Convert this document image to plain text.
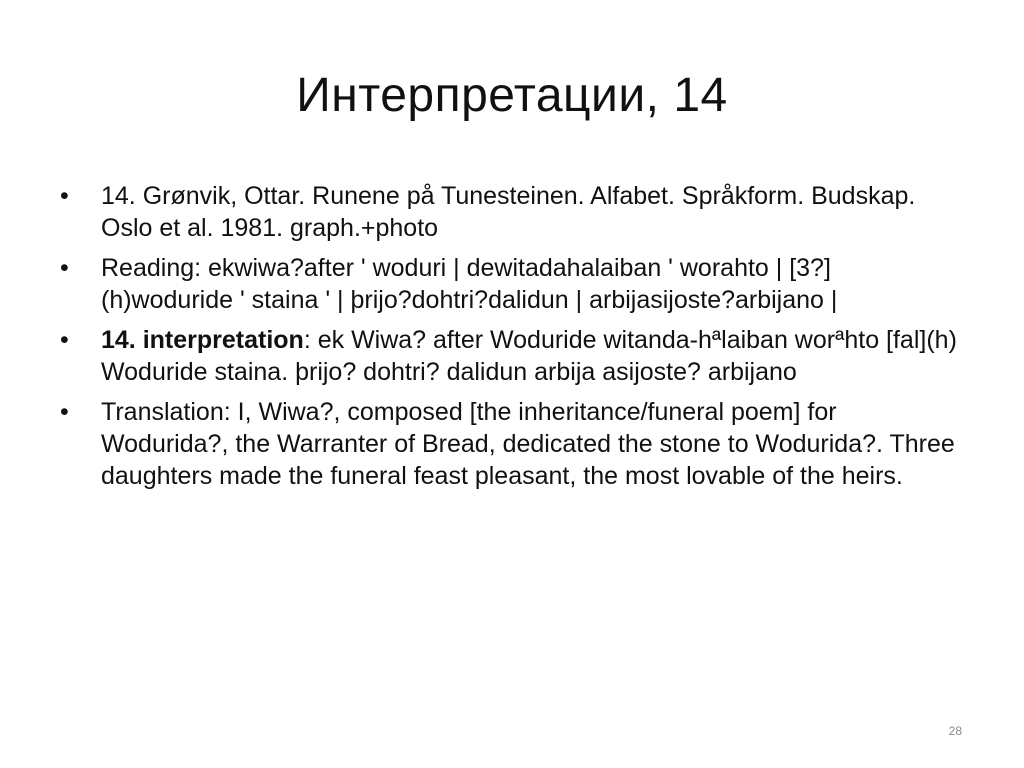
Интерпретации, 14
•	14. Grønvik, Ottar. Runene på Tunesteinen. Alfabet. Språkform. Budskap. Oslo et al. 1981. graph.+photo
•	Reading: ekwiwa?after ' woduri | dewitadahalaiban ' worahto | [3?](h)woduride ' staina ' | þrijo?dohtri?dalidun | arbijasijoste?arbijano |
•	14. interpretation: ek Wiwa? after Woduride witanda-hªlaiban worªhto [fal](h) Woduride staina. þrijo? dohtri? dalidun arbija asijoste? arbijano
•	Translation: I, Wiwa?, composed [the inheritance/funeral poem] for Wodurida?, the Warranter of Bread, dedicated the stone to Wodurida?. Three daughters made the funeral feast pleasant, the most lovable of the heirs.
28
